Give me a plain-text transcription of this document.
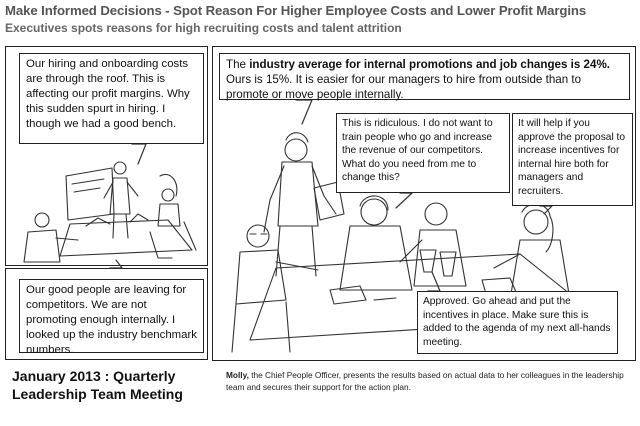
Make Informed Decisions - Spot Reason For Higher Employee Costs and Lower Profit Margins
Executives spots reasons for high recruiting costs and talent attrition
Our hiring and onboarding costs are through the roof. This is affecting our profit margins. Why this sudden spurt in hiring. I though we had a good bench.
Our good people are leaving for competitors. We are not promoting enough internally. I looked up the industry benchmark numbers.
The industry average for internal promotions and job changes is 24%. Ours is 15%. It is easier for our managers to hire from outside than to promote or move people internally.
This is ridiculous. I do not want to train people who go and increase the revenue of our competitors. What do you need from me to change this?
It will help if you approve the proposal to increase incentives for internal hire both for managers and recruiters.
Approved. Go ahead and put the incentives in place. Make sure this is added to the agenda of my next all-hands meeting.
January 2013 : Quarterly Leadership Team Meeting
Molly, the Chief People Officer, presents the results based on actual data to her colleagues in the leadership team and secures their support for the action plan.
